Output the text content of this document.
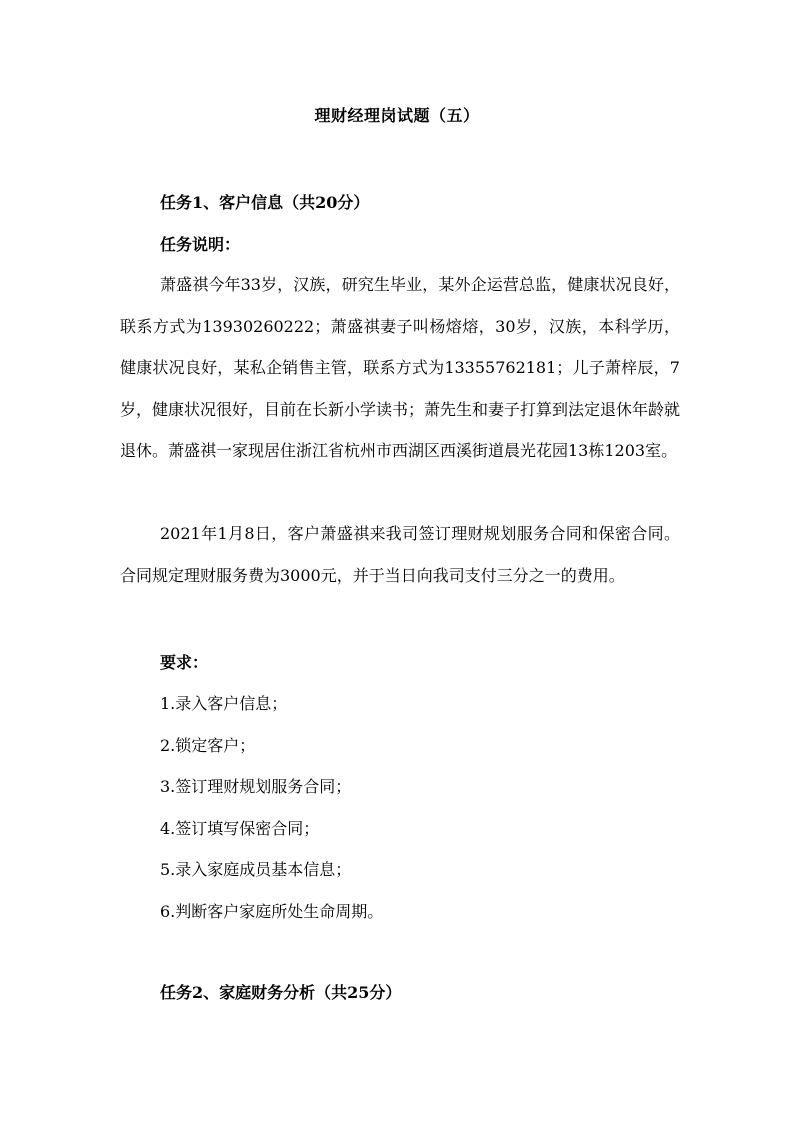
理财经理岗试题（五）
任务1、客户信息（共20分）
任务说明：

萧盛祺今年33岁，汉族，研究生毕业，某外企运营总监，健康状况良好，联系方式为13930260222；萧盛祺妻子叫杨熔熔，30岁，汉族，本科学历，健康状况良好，某私企销售主管，联系方式为13355762181；儿子萧梓辰，7岁，健康状况很好，目前在长新小学读书；萧先生和妻子打算到法定退休年龄就退休。萧盛祺一家现居住浙江省杭州市西湖区西溪街道晨光花园13栋1203室。

2021年1月8日，客户萧盛祺来我司签订理财规划服务合同和保密合同。合同规定理财服务费为3000元，并于当日向我司支付三分之一的费用。

要求：
1.录入客户信息；
2.锁定客户；
3.签订理财规划服务合同；
4.签订填写保密合同；
5.录入家庭成员基本信息；
6.判断客户家庭所处生命周期。
任务2、家庭财务分析（共25分）
